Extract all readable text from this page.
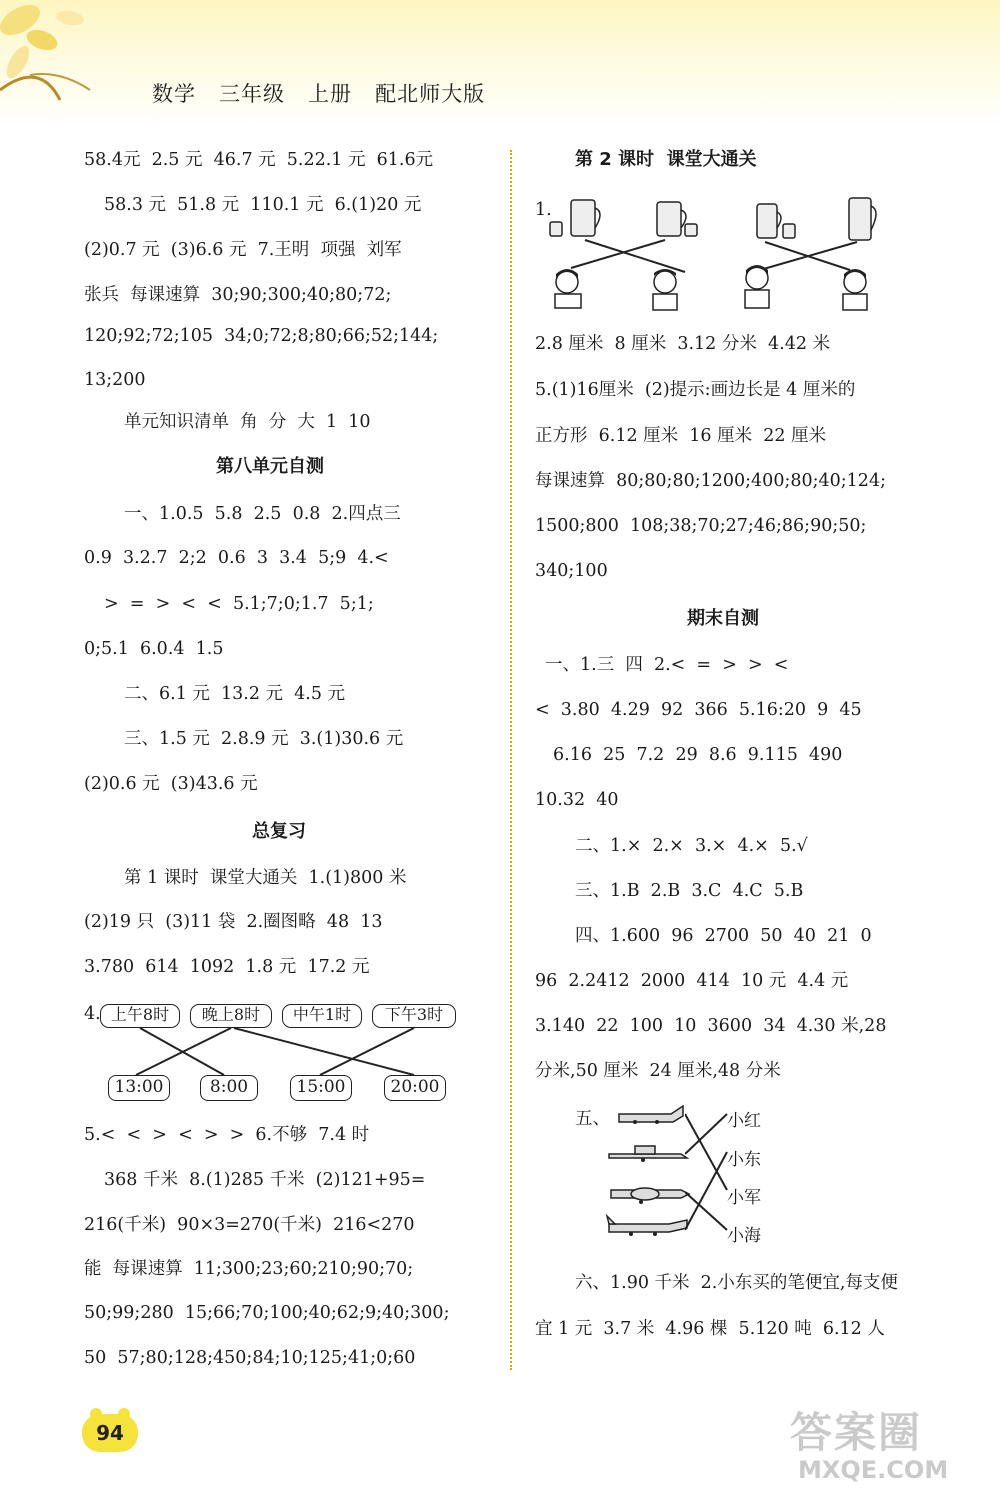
数学   三年级   上册   配北师大版
58.4元  2.5 元  46.7 元  5.22.1 元  61.6元
58.3 元  51.8 元  110.1 元  6.(1)20 元
(2)0.7 元  (3)6.6 元  7.王明  项强  刘军
张兵  每课速算  30;90;300;40;80;72;
120;92;72;105  34;0;72;8;80;66;52;144;
13;200
单元知识清单  角  分  大  1  10
第八单元自测
一、1.0.5  5.8  2.5  0.8  2.四点三
0.9  3.2.7  2;2  0.6  3  3.4  5;9  4.<
>  =  >  <  <  5.1;7;0;1.7  5;1;
0;5.1  6.0.4  1.5
二、6.1 元  13.2 元  4.5 元
三、1.5 元  2.8.9 元  3.(1)30.6 元
(2)0.6 元  (3)43.6 元
总复习
第 1 课时  课堂大通关  1.(1)800 米
(2)19 只  (3)11 袋  2.圈图略  48  13
3.780  614  1092  1.8 元  17.2 元
4. 上午8时	晚上8时	中午1时	下午3时
13:00	8:00	15:00	20:00
5.<  <  >  <  >  >  6.不够  7.4 时
368 千米  8.(1)285 千米  (2)121+95=
216(千米)  90×3=270(千米)  216<270
能  每课速算  11;300;23;60;210;90;70;
50;99;280  15;66;70;100;40;62;9;40;300;
50  57;80;128;450;84;10;125;41;0;60
第 2 课时  课堂大通关
1.
2.8 厘米  8 厘米  3.12 分米  4.42 米
5.(1)16厘米  (2)提示:画边长是 4 厘米的
正方形  6.12 厘米  16 厘米  22 厘米
每课速算  80;80;80;1200;400;80;40;124;
1500;800  108;38;70;27;46;86;90;50;
340;100
期末自测
一、1.三  四  2.<  =  >  >  <
<  3.80  4.29  92  366  5.16:20  9  45
6.16  25  7.2  29  8.6  9.115  490
10.32  40
二、1.×  2.×  3.×  4.×  5.√
三、1.B  2.B  3.C  4.C  5.B
四、1.600  96  2700  50  40  21  0
96  2.2412  2000  414  10 元  4.4 元
3.140  22  100  10  3600  34  4.30 米,28
分米,50 厘米  24 厘米,48 分米
五、	小红
小东
小军
小海
六、1.90 千米  2.小东买的笔便宜,每支便
宜 1 元  3.7 米  4.96 棵  5.120 吨  6.12 人
94	答案圈
MXQE.COM
